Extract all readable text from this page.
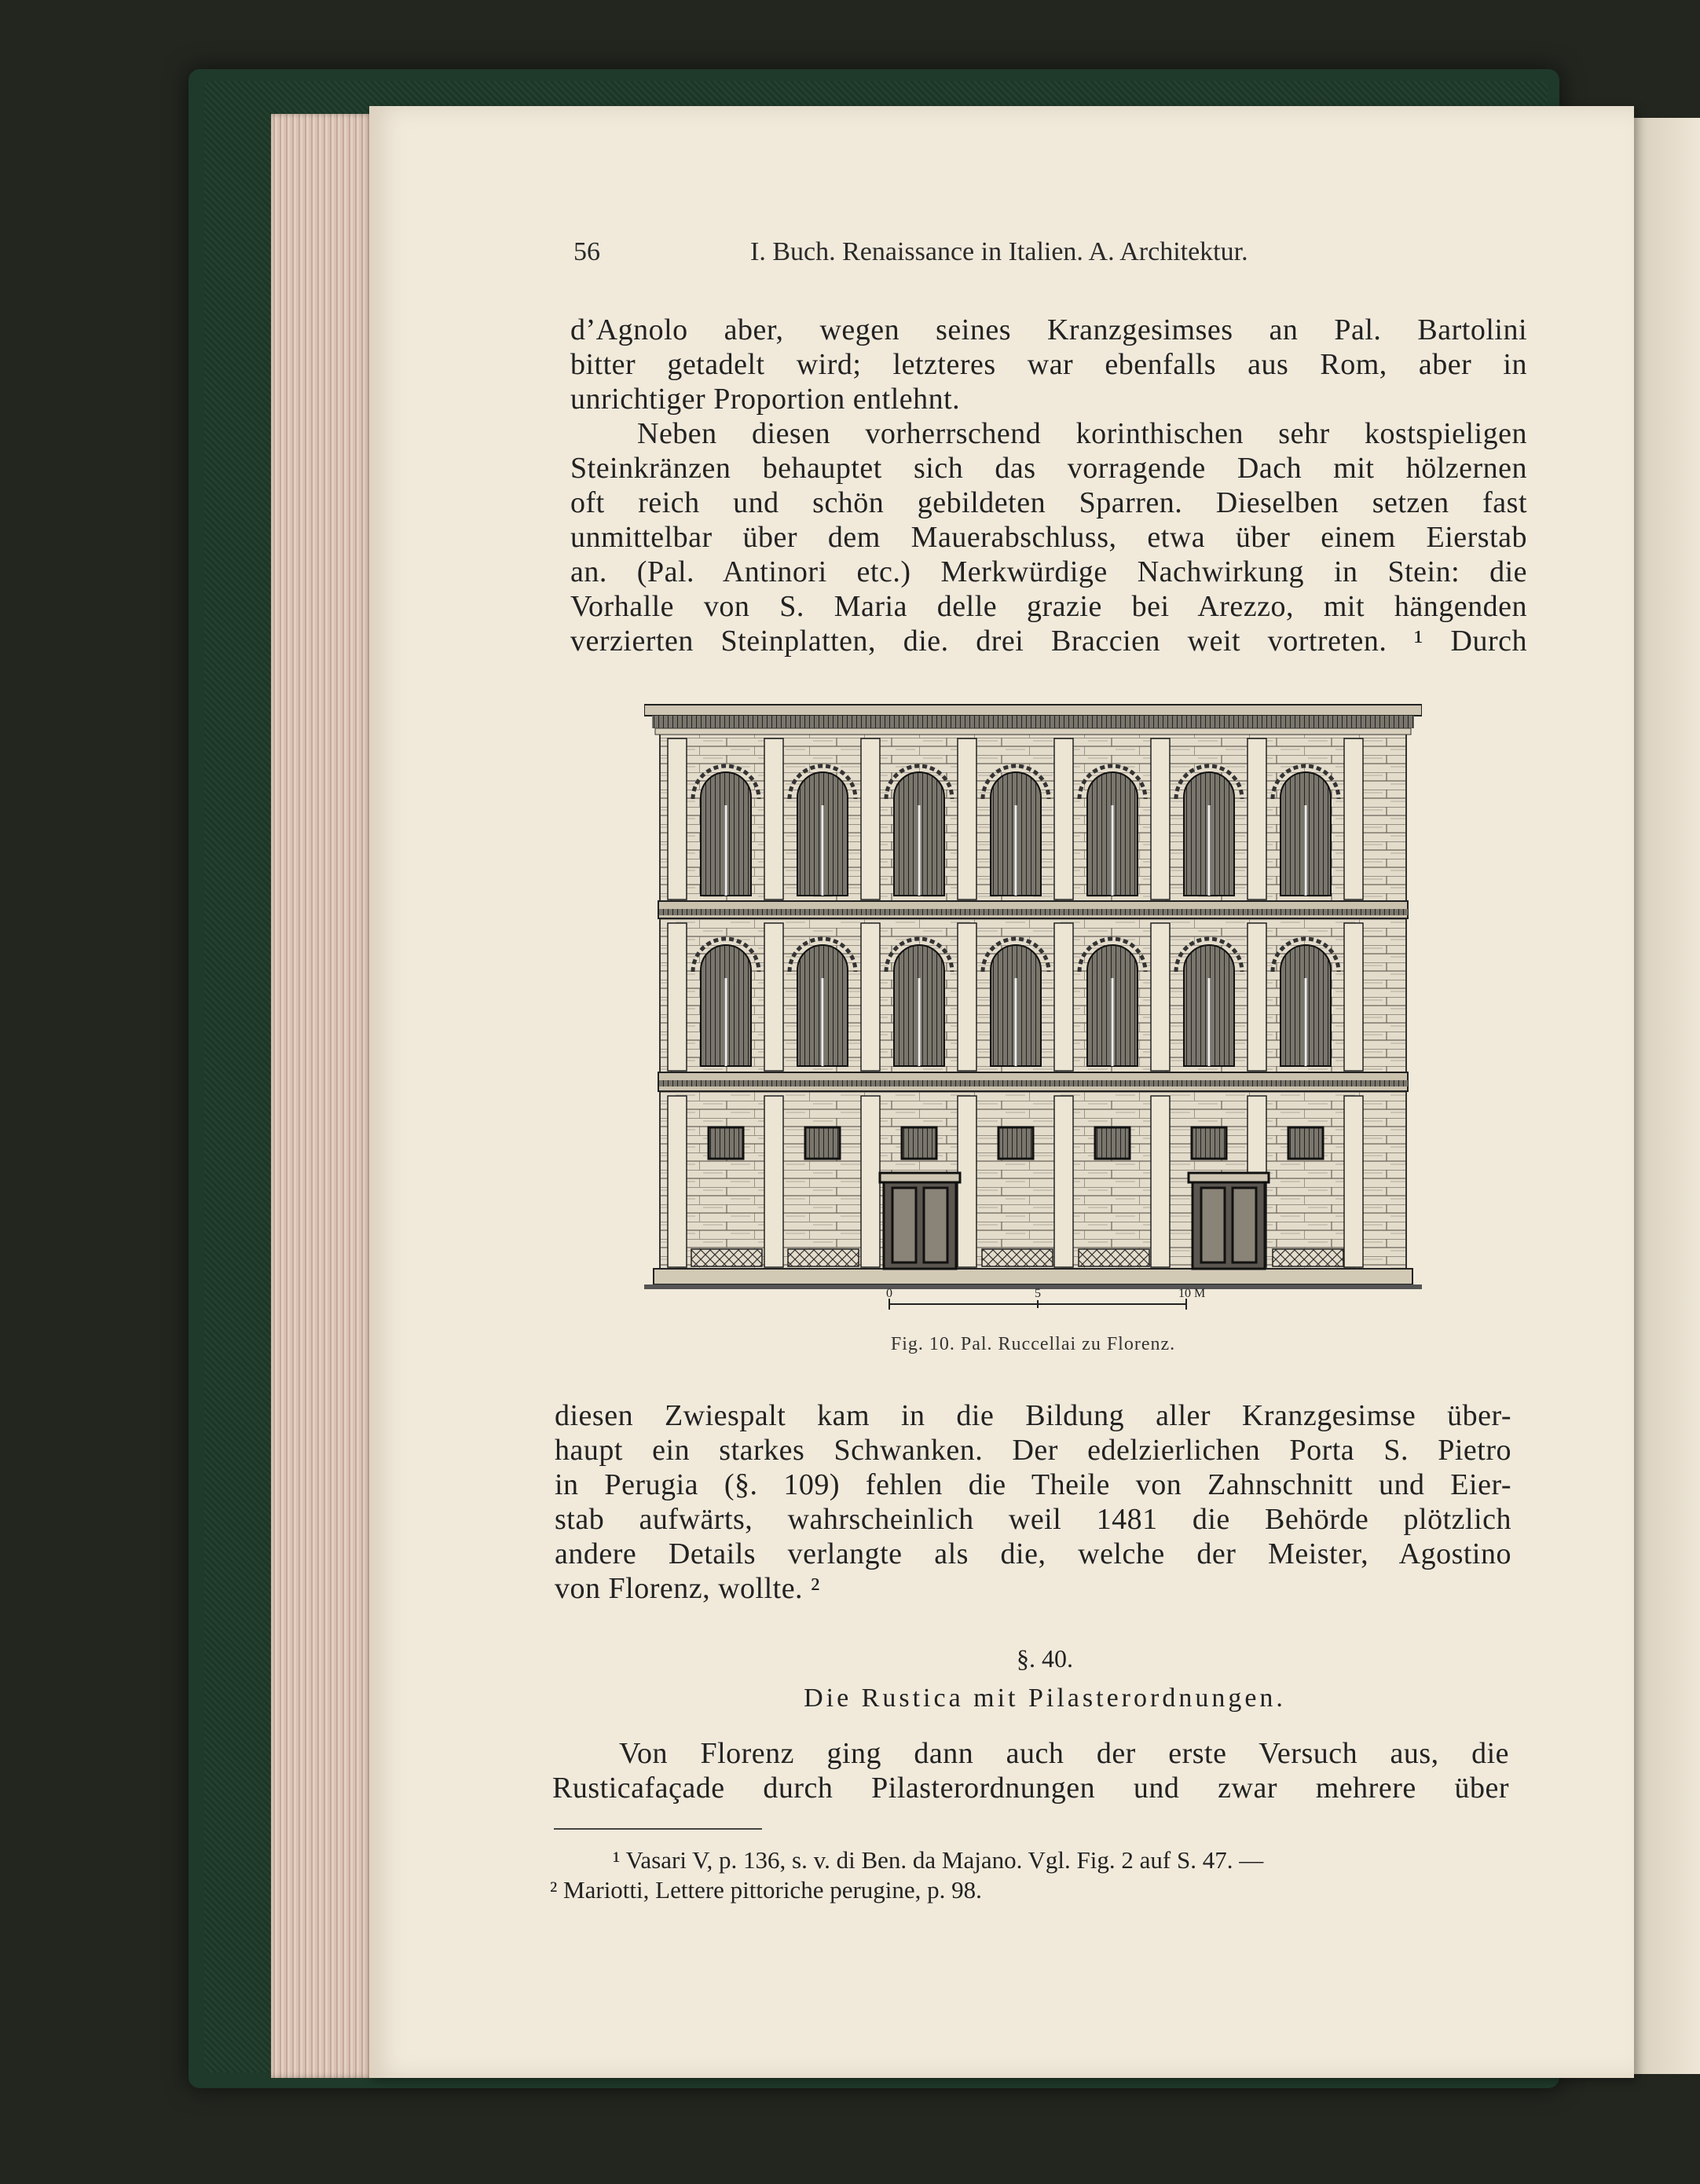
56	I. Buch. Renaissance in Italien. A. Architektur.
d’Agnolo aber, wegen seines Kranzgesimses an Pal. Bartolini
bitter getadelt wird; letzteres war ebenfalls aus Rom, aber in
unrichtiger Proportion entlehnt.
Neben diesen vorherrschend korinthischen sehr kostspieligen
Steinkränzen behauptet sich das vorragende Dach mit hölzernen
oft reich und schön gebildeten Sparren. Dieselben setzen fast
unmittelbar über dem Mauerabschluss, etwa über einem Eierstab
an. (Pal. Antinori etc.) Merkwürdige Nachwirkung in Stein: die
Vorhalle von S. Maria delle grazie bei Arezzo, mit hängenden
verzierten Steinplatten, die. drei Braccien weit vortreten. ¹ Durch
0	5	10 M
Fig. 10. Pal. Ruccellai zu Florenz.
diesen Zwiespalt kam in die Bildung aller Kranzgesimse über-
haupt ein starkes Schwanken. Der edelzierlichen Porta S. Pietro
in Perugia (§. 109) fehlen die Theile von Zahnschnitt und Eier-
stab aufwärts, wahrscheinlich weil 1481 die Behörde plötzlich
andere Details verlangte als die, welche der Meister, Agostino
von Florenz, wollte. ²
§. 40.
Die Rustica mit Pilasterordnungen.
Von Florenz ging dann auch der erste Versuch aus, die
Rusticafaçade durch Pilasterordnungen und zwar mehrere über
¹ Vasari V, p. 136, s. v. di Ben. da Majano. Vgl. Fig. 2 auf S. 47. —
² Mariotti, Lettere pittoriche perugine, p. 98.
